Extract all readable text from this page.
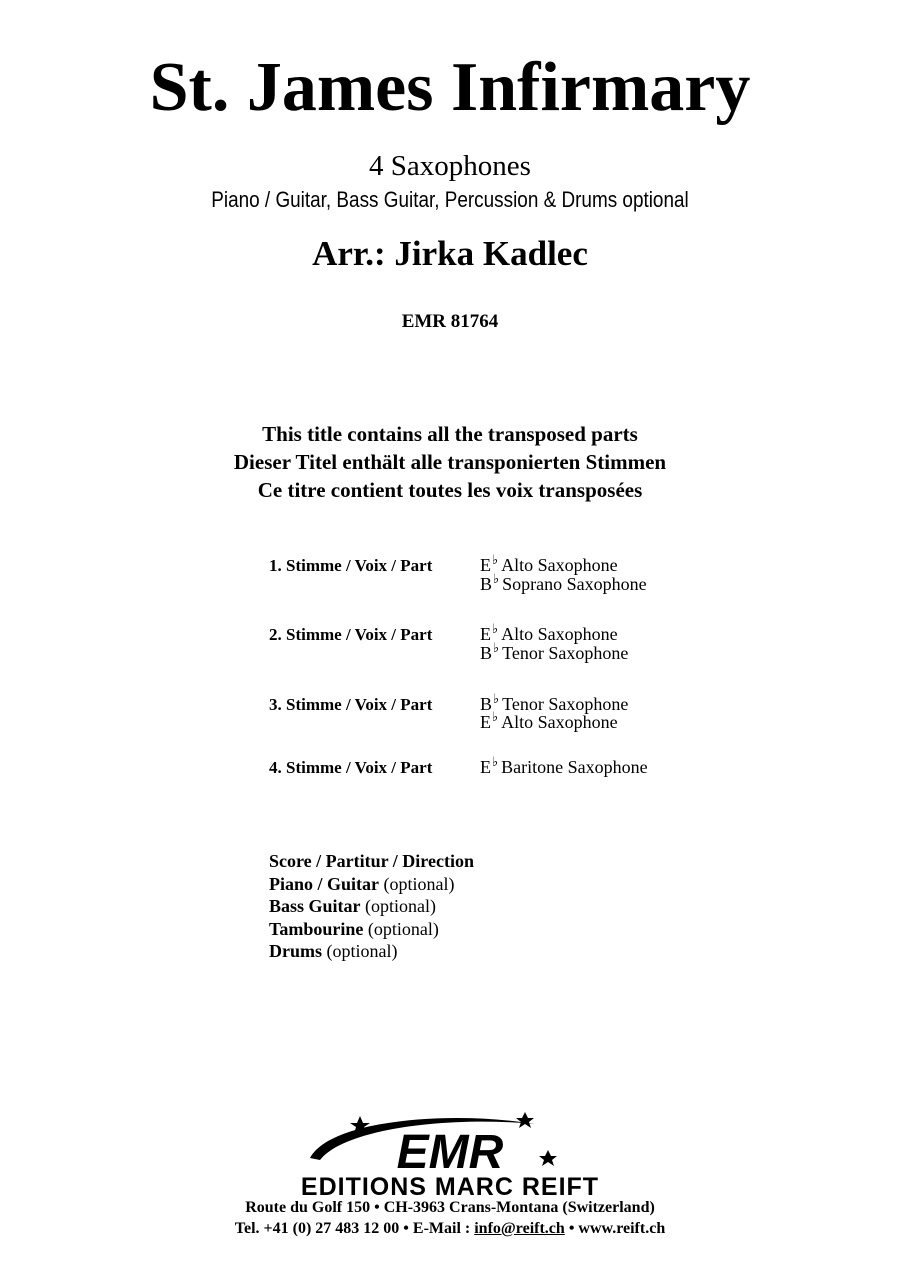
St. James Infirmary
4 Saxophones
Piano / Guitar, Bass Guitar, Percussion & Drums optional
Arr.: Jirka Kadlec
EMR 81764
This title contains all the transposed parts
Dieser Titel enthält alle transponierten Stimmen
Ce titre contient toutes les voix transposées
1. Stimme / Voix / Part	E♭ Alto Saxophone
B♭ Soprano Saxophone
2. Stimme / Voix / Part	E♭ Alto Saxophone
B♭ Tenor Saxophone
3. Stimme / Voix / Part	B♭ Tenor Saxophone
E♭ Alto Saxophone
4. Stimme / Voix / Part	E♭ Baritone Saxophone
Score / Partitur / Direction
Piano / Guitar (optional)
Bass Guitar (optional)
Tambourine (optional)
Drums (optional)
EMR
EDITIONS MARC REIFT
Route du Golf 150 • CH-3963 Crans-Montana (Switzerland)
Tel. +41 (0) 27 483 12 00 • E-Mail : info@reift.ch • www.reift.ch
